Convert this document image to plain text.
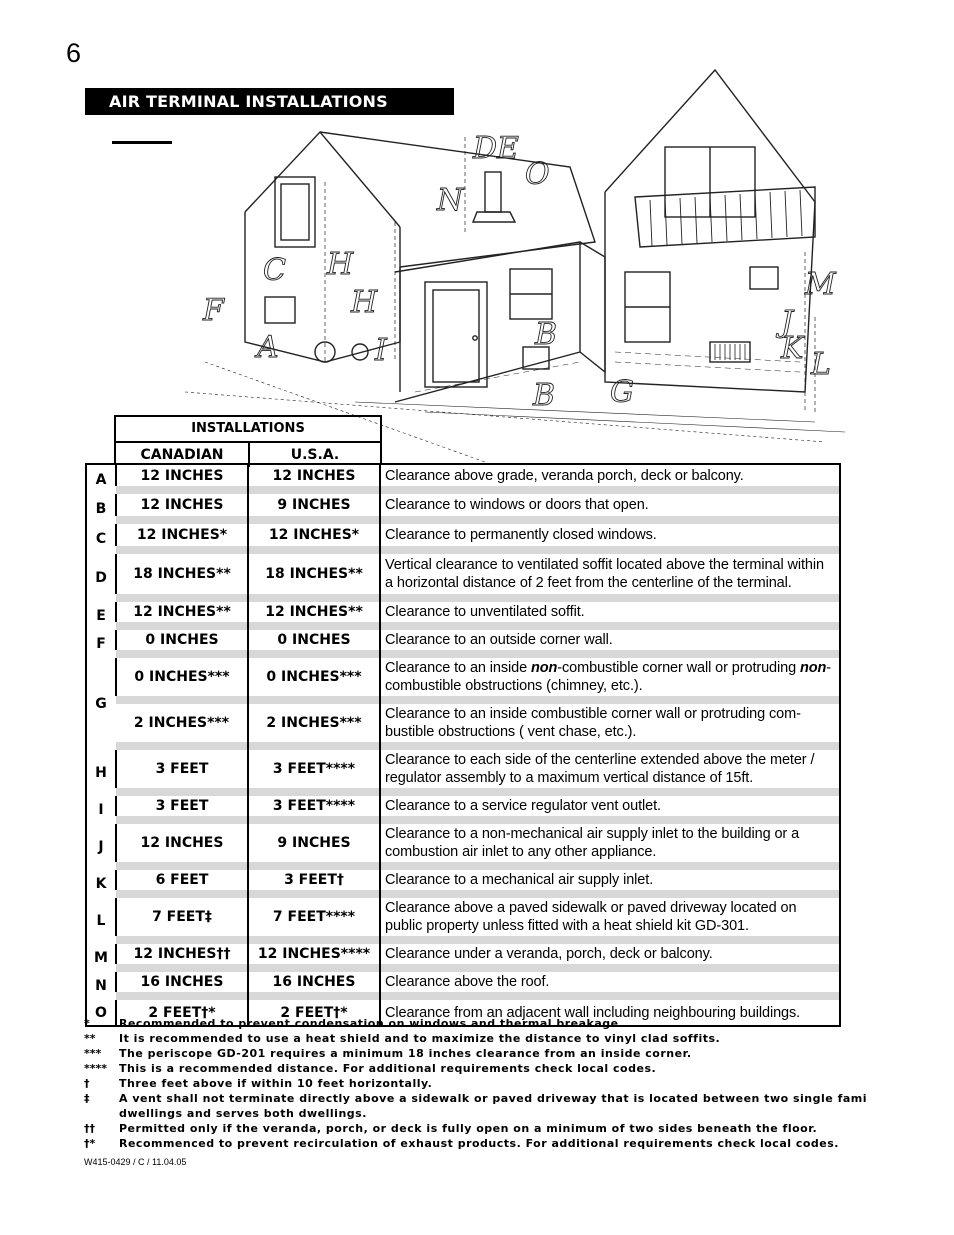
6
AIR TERMINAL INSTALLATIONS
C
F
A
H
H
I
N
D E
O
B
B G
M
J
K L
INSTALLATIONS
CANADIAN	U.S.A.
A	12 INCHES	12 INCHES	Clearance above grade, veranda porch, deck or balcony.

B	12 INCHES	9 INCHES	Clearance to windows or doors that open.

C	12 INCHES*	12 INCHES*	Clearance to permanently closed windows.

D	18 INCHES**	18 INCHES**	Vertical clearance to ventilated soffit located above the terminal within a horizontal distance of 2 feet from the centerline of the terminal.

E	12 INCHES**	12 INCHES**	Clearance to unventilated soffit.

F	0 INCHES	0 INCHES	Clearance to an outside corner wall.

G	0 INCHES***	0 INCHES***	Clearance to an inside non-combustible corner wall or protruding non-combustible obstructions (chimney, etc.).

	2 INCHES***	2 INCHES***	Clearance to an inside combustible corner wall or protruding com-bustible obstructions ( vent chase, etc.).

H	3 FEET	3 FEET****	Clearance to each side of the centerline extended above the meter / regulator assembly to a maximum vertical distance of 15ft.

I	3 FEET	3 FEET****	Clearance to a service regulator vent outlet.

J	12 INCHES	9 INCHES	Clearance to a non-mechanical air supply inlet to the building or a combustion air inlet to any other appliance.

K	6 FEET	3 FEET†	Clearance to a mechanical air supply inlet.

L	7 FEET‡	7 FEET****	Clearance above a paved sidewalk or paved driveway located on public property unless fitted with a heat shield kit GD-301.

M	12 INCHES††	12 INCHES****	Clearance under a veranda, porch, deck or balcony.

N	16 INCHES	16 INCHES	Clearance above the roof.

O	2 FEET†*	2 FEET†*	Clearance from an adjacent wall including neighbouring buildings.
*	Recommended to prevent condensation on windows and thermal breakage
**	It is recommended to use a heat shield and to maximize the distance to vinyl clad soffits.
***	The periscope GD-201 requires a minimum 18 inches clearance from an inside corner.
****	This is a recommended distance. For additional requirements check local codes.
†	Three feet above if within 10 feet horizontally.
‡	A vent shall not terminate directly above a sidewalk or paved driveway that is located between two single fami dwellings and serves both dwellings.
††	Permitted only if the veranda, porch, or deck is fully open on a minimum of two sides beneath the floor.
†*	Recommenced to prevent recirculation of exhaust products. For additional requirements check local codes.
W415-0429 / C / 11.04.05
